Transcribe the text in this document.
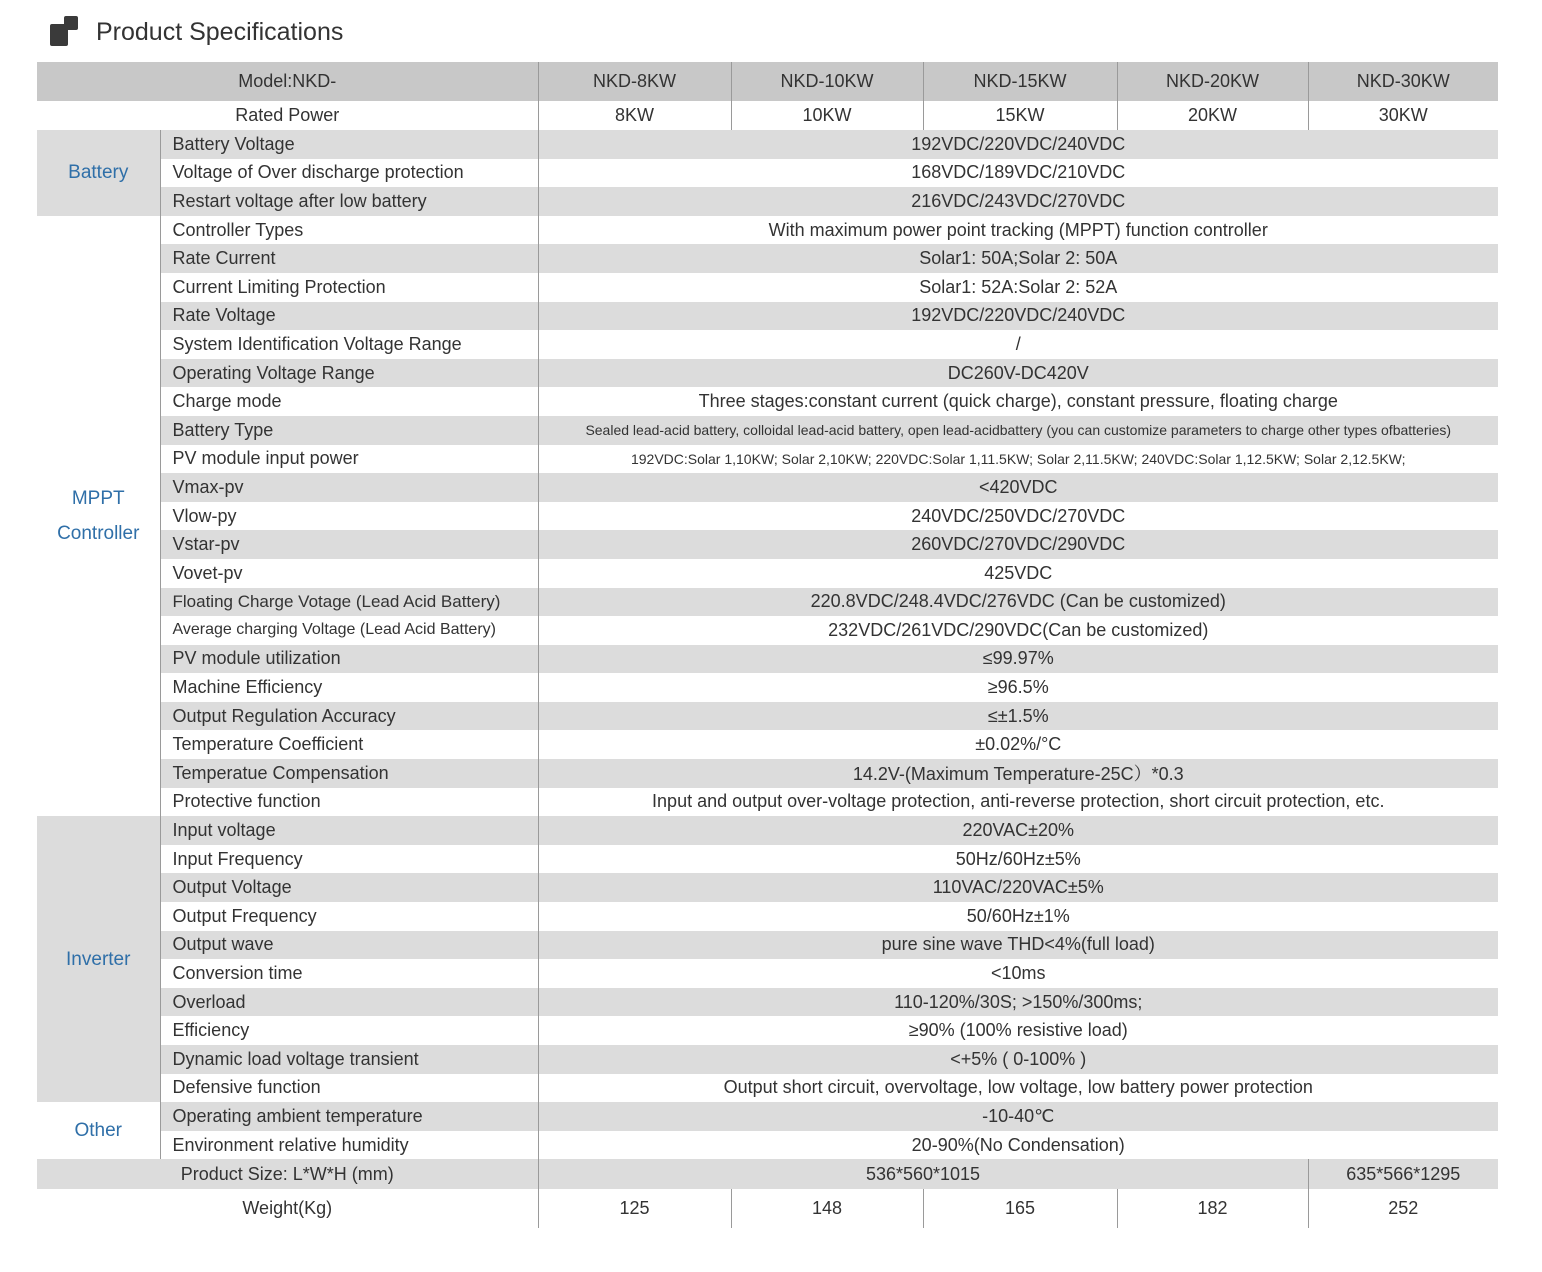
Product Specifications
Model:NKD-		NKD-8KW	NKD-10KW	NKD-15KW	NKD-20KW	NKD-30KW
Rated Power		8KW	10KW	15KW	20KW	30KW
Battery	Battery Voltage	192VDC/220VDC/240VDC				
	Voltage of Over discharge protection	168VDC/189VDC/210VDC				
	Restart voltage after low battery	216VDC/243VDC/270VDC				
MPPT Controller	Controller Types	With maximum power point tracking (MPPT) function controller				
	Rate Current	Solar1: 50A;Solar 2: 50A				
	Current Limiting Protection	Solar1: 52A:Solar 2: 52A				
	Rate Voltage	192VDC/220VDC/240VDC				
	System Identification Voltage Range	/				
	Operating Voltage Range	DC260V-DC420V				
	Charge mode	Three stages:constant current (quick charge), constant pressure, floating charge				
	Battery Type	Sealed lead-acid battery, colloidal lead-acid battery, open lead-acidbattery (you can customize parameters to charge other types ofbatteries)				
	PV module input power	192VDC:Solar 1,10KW; Solar 2,10KW; 220VDC:Solar 1,11.5KW; Solar 2,11.5KW; 240VDC:Solar 1,12.5KW; Solar 2,12.5KW;				
	Vmax-pv	<420VDC				
	Vlow-py	240VDC/250VDC/270VDC				
	Vstar-pv	260VDC/270VDC/290VDC				
	Vovet-pv	425VDC				
	Floating Charge Votage (Lead Acid Battery)	220.8VDC/248.4VDC/276VDC (Can be customized)				
	Average charging Voltage (Lead Acid Battery)	232VDC/261VDC/290VDC(Can be customized)				
	PV module utilization	≤99.97%				
	Machine Efficiency	≥96.5%				
	Output Regulation Accuracy	≤±1.5%				
	Temperature Coefficient	±0.02%/°C				
	Temperatue Compensation	14.2V-(Maximum Temperature-25C）*0.3				
	Protective function	Input and output over-voltage protection, anti-reverse protection, short circuit protection, etc.				
Inverter	Input voltage	220VAC±20%				
	Input Frequency	50Hz/60Hz±5%				
	Output Voltage	110VAC/220VAC±5%				
	Output Frequency	50/60Hz±1%				
	Output wave	pure sine wave THD<4%(full load)				
	Conversion time	<10ms				
	Overload	110-120%/30S; >150%/300ms;				
	Efficiency	≥90% (100% resistive load)				
	Dynamic load voltage transient	<+5% ( 0-100% )				
	Defensive function	Output short circuit, overvoltage, low voltage, low battery power protection				
Other	Operating ambient temperature	-10-40℃				
	Environment relative humidity	20-90%(No Condensation)				
Product Size: L*W*H (mm)		536*560*1015				635*566*1295
Weight(Kg)		125	148	165	182	252
